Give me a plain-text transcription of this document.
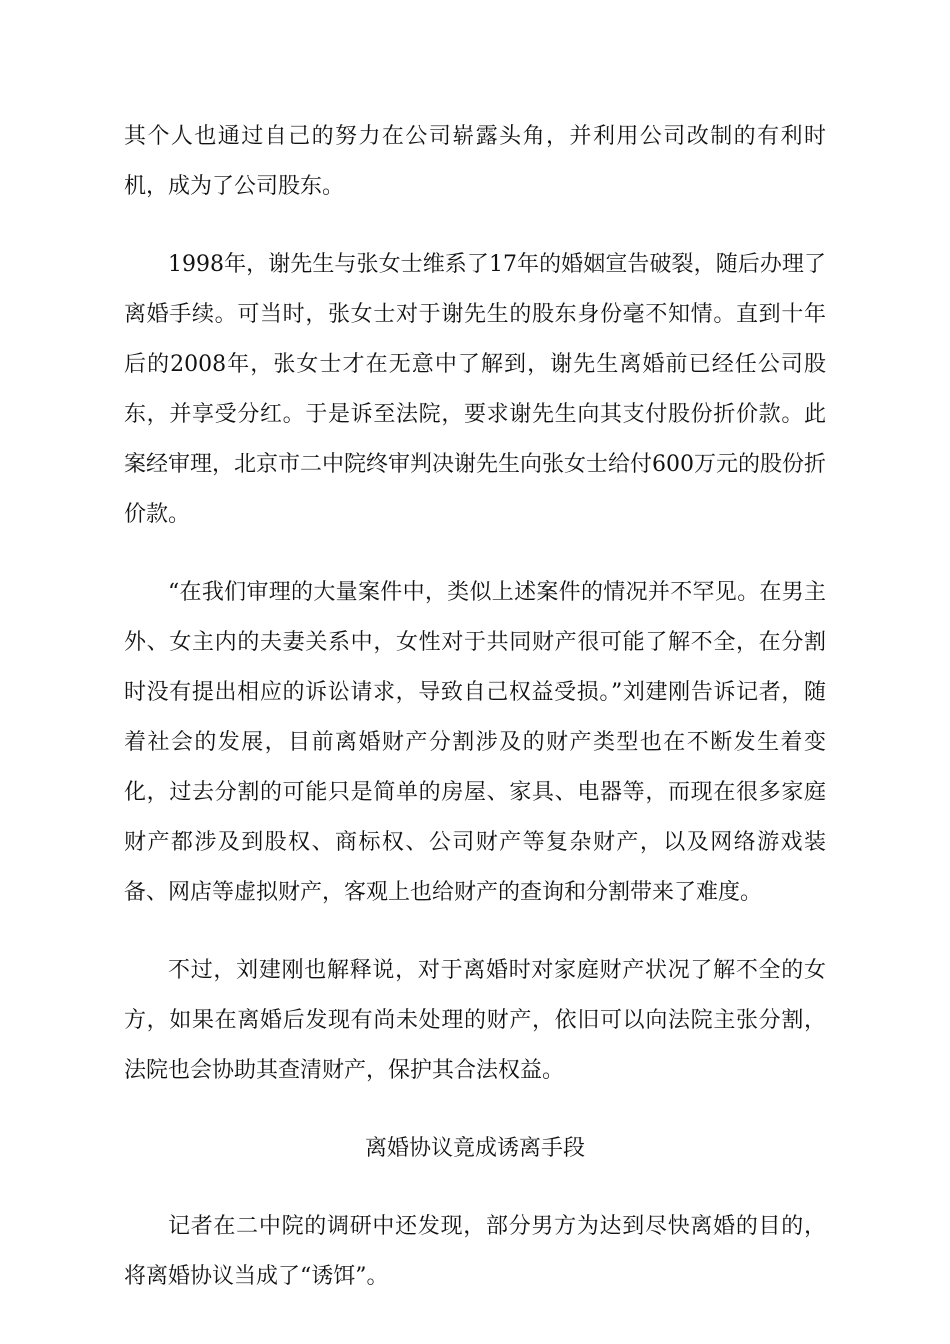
其个人也通过自己的努力在公司崭露头角，并利用公司改制的有利时机，成为了公司股东。

1998年，谢先生与张女士维系了17年的婚姻宣告破裂，随后办理了离婚手续。可当时，张女士对于谢先生的股东身份毫不知情。直到十年后的2008年，张女士才在无意中了解到，谢先生离婚前已经任公司股东，并享受分红。于是诉至法院，要求谢先生向其支付股份折价款。此案经审理，北京市二中院终审判决谢先生向张女士给付600万元的股份折价款。

“在我们审理的大量案件中，类似上述案件的情况并不罕见。在男主外、女主内的夫妻关系中，女性对于共同财产很可能了解不全，在分割时没有提出相应的诉讼请求，导致自己权益受损。”刘建刚告诉记者，随着社会的发展，目前离婚财产分割涉及的财产类型也在不断发生着变化，过去分割的可能只是简单的房屋、家具、电器等，而现在很多家庭财产都涉及到股权、商标权、公司财产等复杂财产，以及网络游戏装备、网店等虚拟财产，客观上也给财产的查询和分割带来了难度。

不过，刘建刚也解释说，对于离婚时对家庭财产状况了解不全的女方，如果在离婚后发现有尚未处理的财产，依旧可以向法院主张分割，法院也会协助其查清财产，保护其合法权益。

离婚协议竟成诱离手段

记者在二中院的调研中还发现，部分男方为达到尽快离婚的目的，将离婚协议当成了“诱饵”。
